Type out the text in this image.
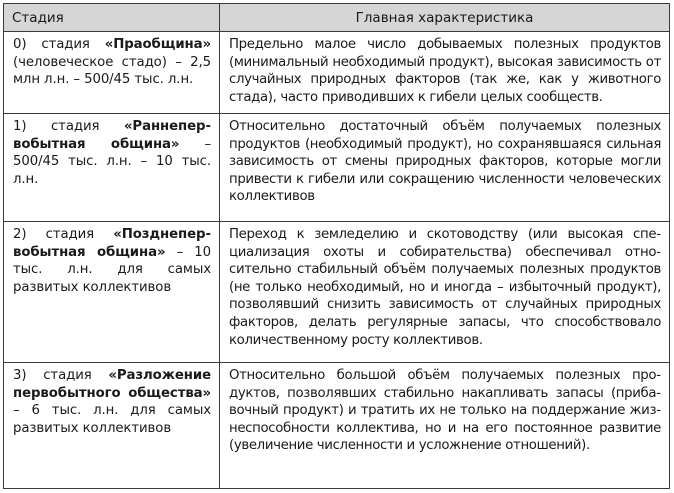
Стадия	Главная характеристика

0) стадия «Праобщина» (человеческое стадо) – 2,5 млн л.н. – 500/45 тыс. л.н.	Предельно малое число добываемых полезных продуктов (минимальный необходимый продукт), высокая зависимость от случайных природных факторов (так же, как у животного стада), часто приводивших к гибели целых сообществ.

1) стадия «Раннепервобытная община» – 500/45 тыс. л.н. – 10 тыс. л.н.	Относительно достаточный объём получаемых полезных продуктов (необходимый продукт), но сохранявшаяся сильная зависимость от смены природных факторов, которые могли привести к гибели или сокращению численности человеческих коллективов

2) стадия «Позднепервобытная община» – 10 тыс. л.н. для самых развитых коллективов	Переход к земледелию и скотоводству (или высокая специализация охоты и собирательства) обеспечивал относительно стабильный объём получаемых полезных продуктов (не только необходимый, но и иногда – избыточный продукт), позволявший снизить зависимость от случайных природных факторов, делать регулярные запасы, что способствовало количественному росту коллективов.

3) стадия «Разложение первобытного общества» – 6 тыс. л.н. для самых развитых коллективов	Относительно большой объём получаемых полезных продуктов, позволявших стабильно накапливать запасы (прибавочный продукт) и тратить их не только на поддержание жизнеспособности коллектива, но и на его постоянное развитие (увеличение численности и усложнение отношений).
